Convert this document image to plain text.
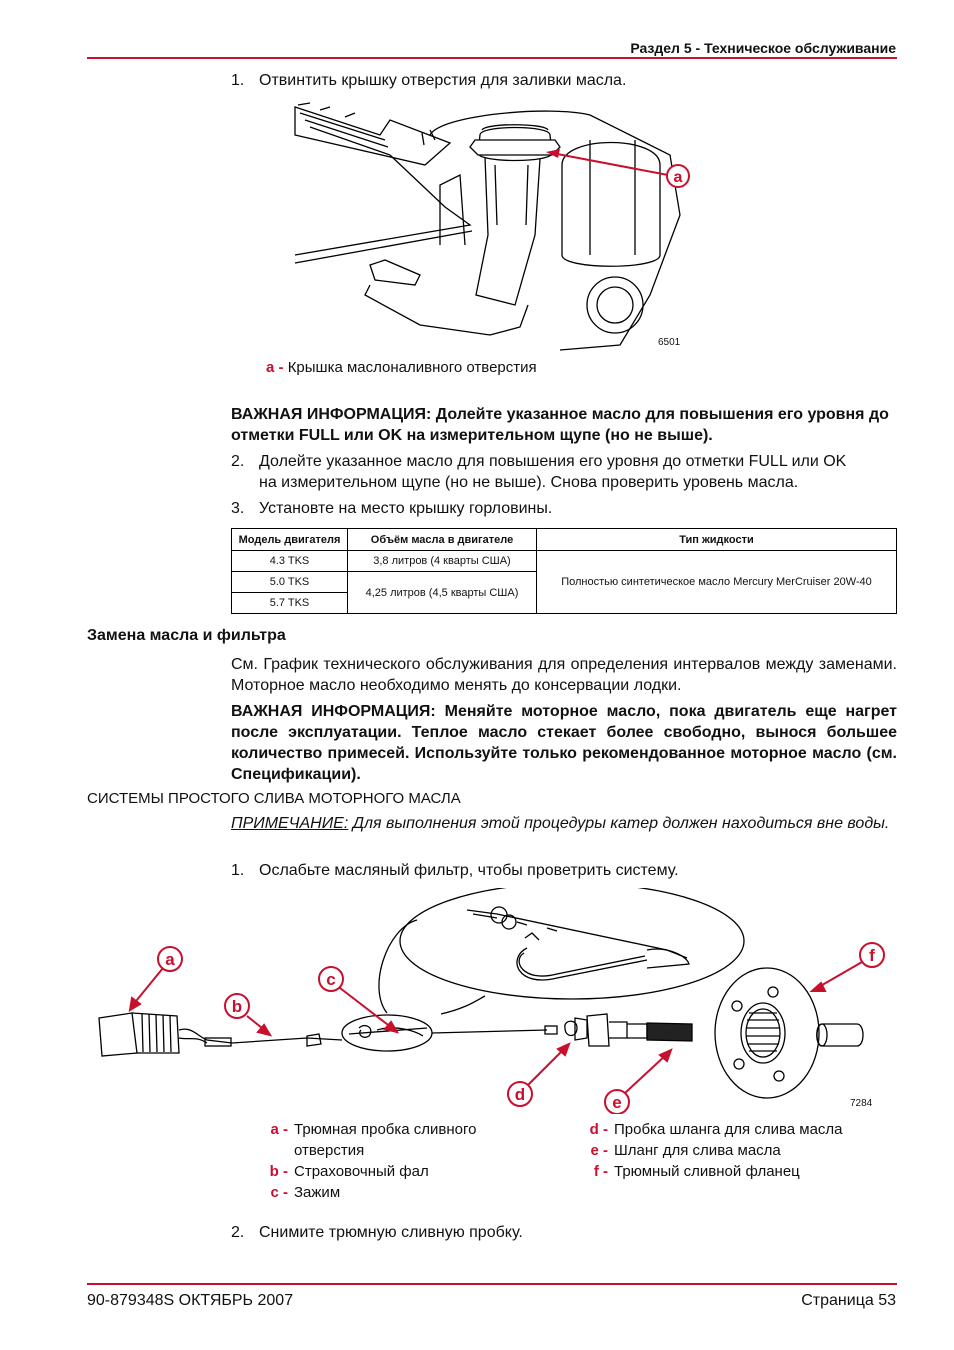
Раздел 5 - Техническое обслуживание
1. Отвинтить крышку отверстия для заливки масла.
a
6501
a - Крышка маслоналивного отверстия
ВАЖНАЯ ИНФОРМАЦИЯ: Долейте указанное масло для повышения его уровня до отметки FULL или OK на измерительном щупе (но не выше).
2. Долейте указанное масло для повышения его уровня до отметки FULL или OK
на измерительном щупе (но не выше). Снова проверить уровень масла.
3. Установте на место крышку горловины.
Модель двигателя	Объём масла в двигателе	Тип жидкости
4.3 TKS	3,8 литров (4 кварты США)	Полностью синтетическое масло Mercury MerCruiser 20W-40
5.0 TKS	4,25 литров (4,5 кварты США)	
5.7 TKS		
Замена масла и фильтра
См. График технического обслуживания для определения интервалов между заменами. Моторное масло необходимо менять до консервации лодки.
ВАЖНАЯ ИНФОРМАЦИЯ: Меняйте моторное масло, пока двигатель еще нагрет после эксплуатации. Теплое масло стекает более свободно, вынося большее количество примесей. Используйте только рекомендованное моторное масло (см. Спецификации).
СИСТЕМЫ ПРОСТОГО СЛИВА МОТОРНОГО МАСЛА
ПРИМЕЧАНИЕ: Для выполнения этой процедуры катер должен находиться вне воды.
1. Ослабьте масляный фильтр, чтобы проветрить систему.
a
b
c
d	e
f
7284
a - Трюмная пробка сливного
отверстия
b - Страховочный фал
c - Зажим
d - Пробка шланга для слива масла
e - Шланг для слива масла
f - Трюмный сливной фланец
2. Снимите трюмную сливную пробку.
90-879348S ОКТЯБРЬ 2007	Страница 53
